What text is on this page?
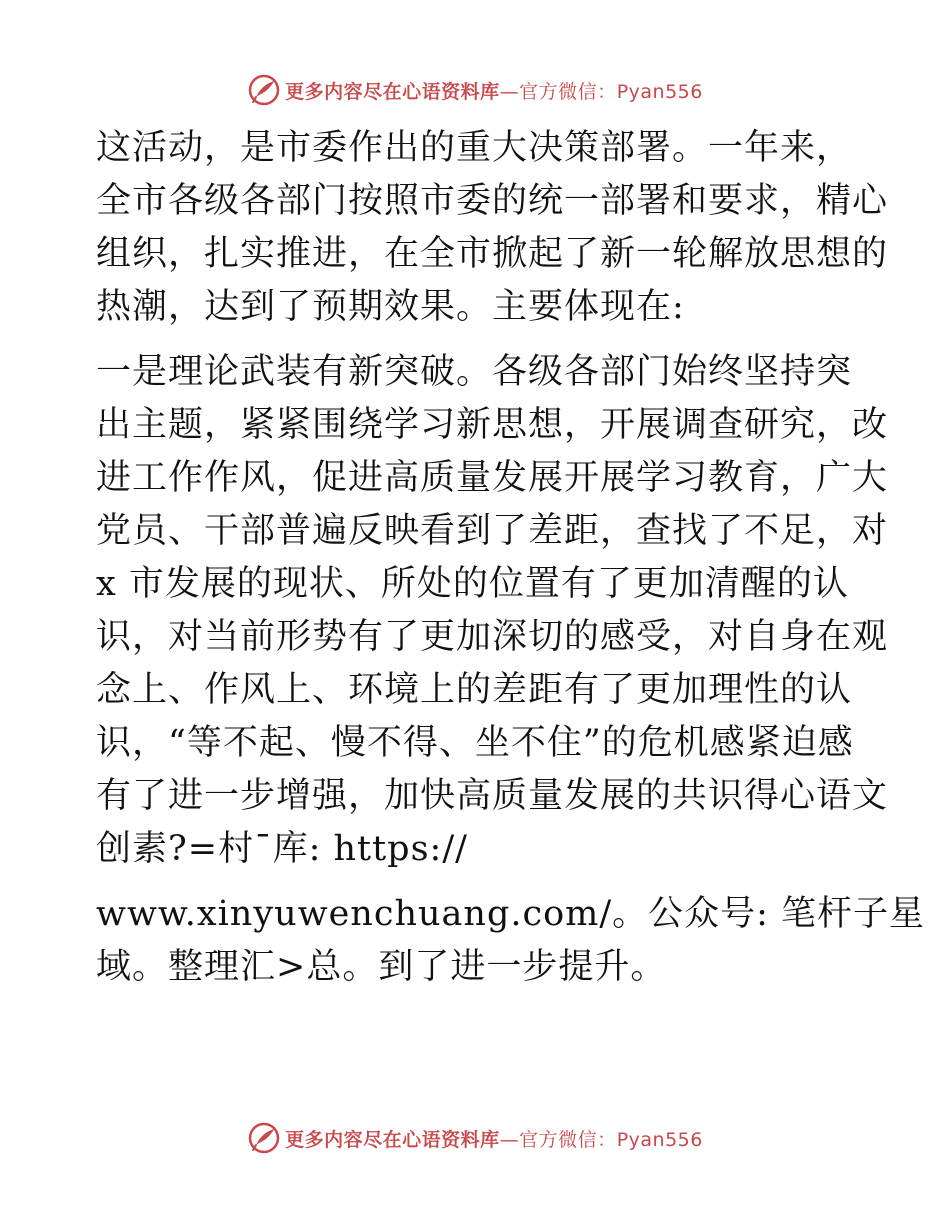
更多内容尽在心语资料库—官方微信：Pyan556
这活动，是市委作出的重大决策部署。一年来，
全市各级各部门按照市委的统一部署和要求，精心
组织，扎实推进，在全市掀起了新一轮解放思想的
热潮，达到了预期效果。主要体现在:
一是理论武装有新突破。各级各部门始终坚持突
出主题，紧紧围绕学习新思想，开展调查研究，改
进工作作风，促进高质量发展开展学习教育，广大
党员、干部普遍反映看到了差距，查找了不足，对
x 市发展的现状、所处的位置有了更加清醒的认
识，对当前形势有了更加深切的感受，对自身在观
念上、作风上、环境上的差距有了更加理性的认
识，“等不起、慢不得、坐不住”的危机感紧迫感
有了进一步增强，加快高质量发展的共识得心语文
创素?=村¯库: https://
www.xinyuwenchuang.com/。公众号: 笔杆子星
域。整理汇>总。到了进一步提升。
更多内容尽在心语资料库—官方微信：Pyan556
